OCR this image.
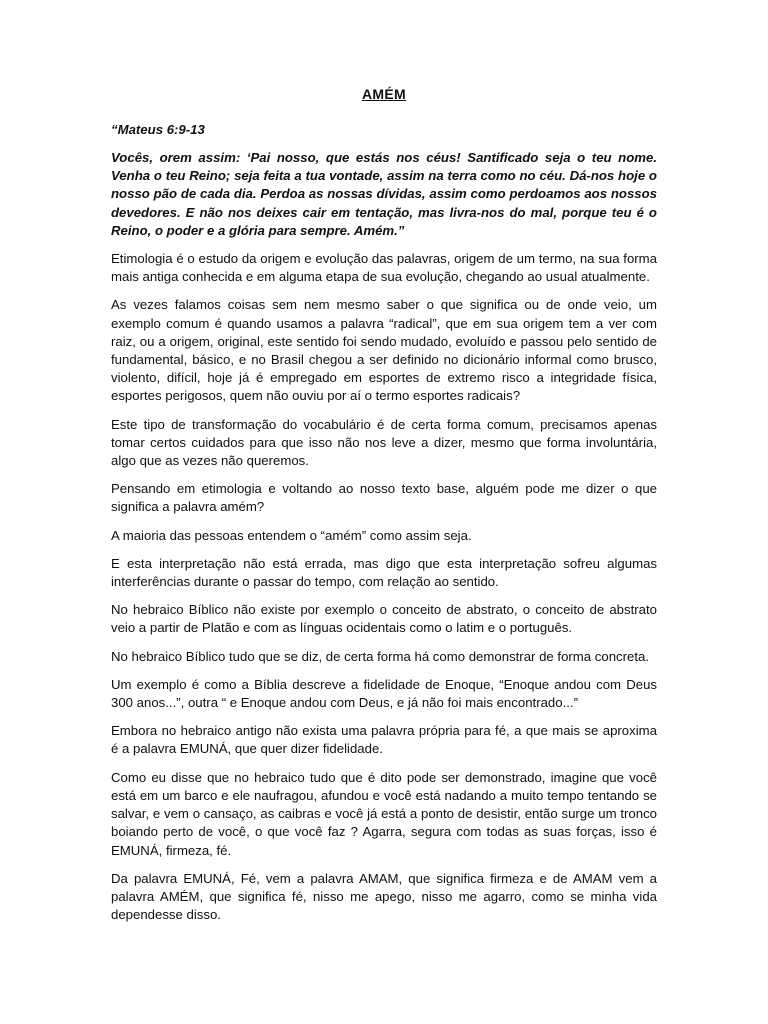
AMÉM
“Mateus 6:9-13
Vocês, orem assim: ‘Pai nosso, que estás nos céus! Santificado seja o teu nome. Venha o teu Reino; seja feita a tua vontade, assim na terra como no céu. Dá-nos hoje o nosso pão de cada dia. Perdoa as nossas dívidas, assim como perdoamos aos nossos devedores. E não nos deixes cair em tentação, mas livra-nos do mal, porque teu é o Reino, o poder e a glória para sempre. Amém.”

Etimologia é o estudo da origem e evolução das palavras, origem de um termo, na sua forma mais antiga conhecida e em alguma etapa de sua evolução, chegando ao usual atualmente.

As vezes falamos coisas sem nem mesmo saber o que significa ou de onde veio, um exemplo comum é quando usamos a palavra “radical”, que em sua origem tem a ver com raiz, ou a origem, original, este sentido foi sendo mudado, evoluído e passou pelo sentido de fundamental, básico, e no Brasil chegou a ser definido no dicionário informal como brusco, violento, difícil, hoje já é empregado em esportes de extremo risco a integridade física, esportes perigosos, quem não ouviu por aí o termo esportes radicais?

Este tipo de transformação do vocabulário é de certa forma comum, precisamos apenas tomar certos cuidados para que isso não nos leve a dizer, mesmo que forma involuntária, algo que as vezes não queremos.

Pensando em etimologia e voltando ao nosso texto base, alguém pode me dizer o que significa a palavra amém?

A maioria das pessoas entendem o “amém” como assim seja.

E esta interpretação não está errada, mas digo que esta interpretação sofreu algumas interferências durante o passar do tempo, com relação ao sentido.

No hebraico Bíblico não existe por exemplo o conceito de abstrato, o conceito de abstrato veio a partir de Platão e com as línguas ocidentais como o latim e o português.

No hebraico Bíblico tudo que se diz, de certa forma há como demonstrar de forma concreta.

Um exemplo é como a Bíblia descreve a fidelidade de Enoque, “Enoque andou com Deus 300 anos...”, outra “ e Enoque andou com Deus, e já não foi mais encontrado...”

Embora no hebraico antigo não exista uma palavra própria para fé, a que mais se aproxima é a palavra EMUNÁ, que quer dizer fidelidade.

Como eu disse que no hebraico tudo que é dito pode ser demonstrado, imagine que você está em um barco e ele naufragou, afundou e você está nadando a muito tempo tentando se salvar, e vem o cansaço, as caibras e você já está a ponto de desistir, então surge um tronco boiando perto de você, o que você faz ? Agarra, segura com todas as suas forças, isso é EMUNÁ, firmeza, fé.

Da palavra EMUNÁ, Fé, vem a palavra AMAM, que significa firmeza e de AMAM vem a palavra AMÉM, que significa fé, nisso me apego, nisso me agarro, como se minha vida dependesse disso.
